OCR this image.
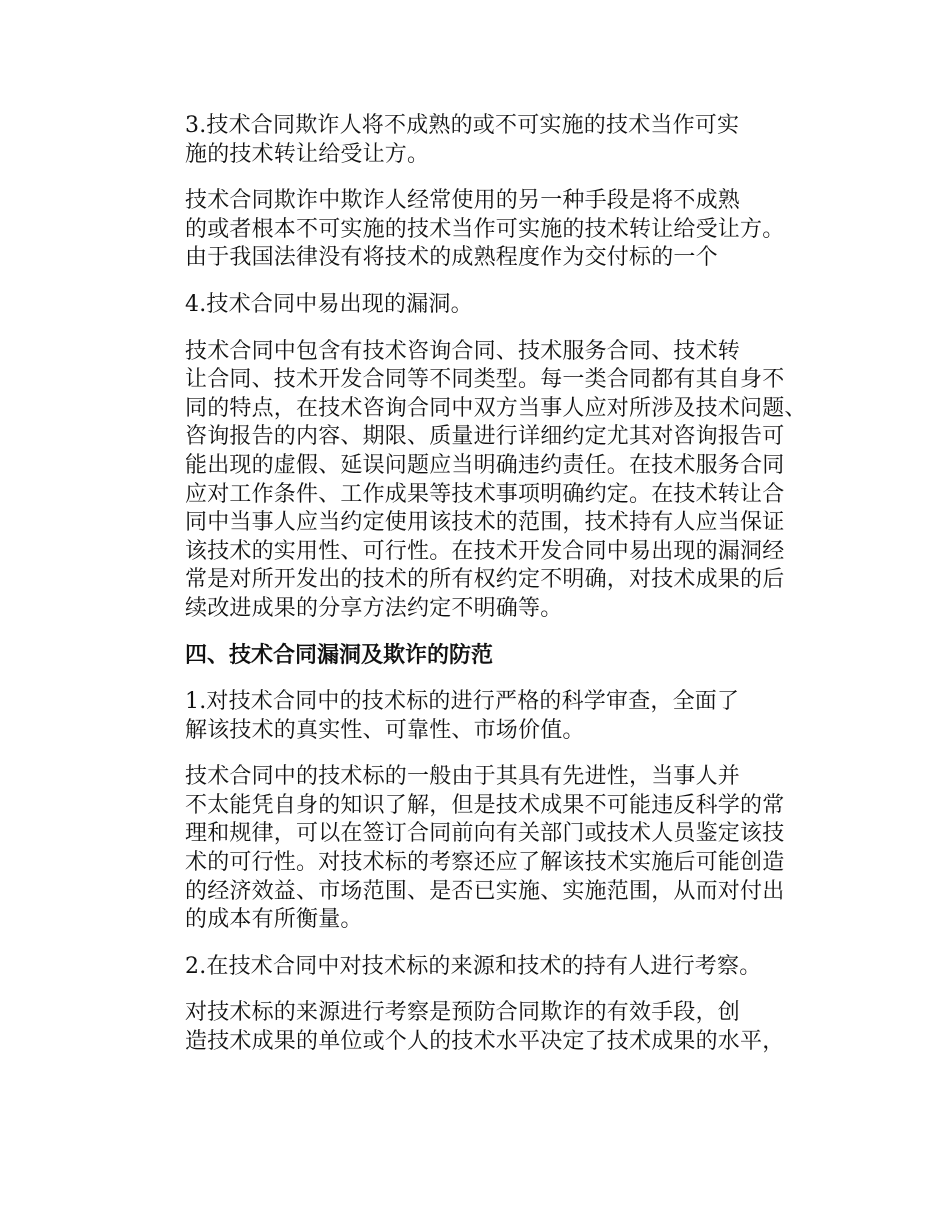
3.技术合同欺诈人将不成熟的或不可实施的技术当作可实
施的技术转让给受让方。

技术合同欺诈中欺诈人经常使用的另一种手段是将不成熟
的或者根本不可实施的技术当作可实施的技术转让给受让方。
由于我国法律没有将技术的成熟程度作为交付标的一个

4.技术合同中易出现的漏洞。

技术合同中包含有技术咨询合同、技术服务合同、技术转
让合同、技术开发合同等不同类型。每一类合同都有其自身不
同的特点，在技术咨询合同中双方当事人应对所涉及技术问题、
咨询报告的内容、期限、质量进行详细约定尤其对咨询报告可
能出现的虚假、延误问题应当明确违约责任。在技术服务合同
应对工作条件、工作成果等技术事项明确约定。在技术转让合
同中当事人应当约定使用该技术的范围，技术持有人应当保证
该技术的实用性、可行性。在技术开发合同中易出现的漏洞经
常是对所开发出的技术的所有权约定不明确，对技术成果的后
续改进成果的分享方法约定不明确等。

四、技术合同漏洞及欺诈的防范

1.对技术合同中的技术标的进行严格的科学审查，全面了
解该技术的真实性、可靠性、市场价值。

技术合同中的技术标的一般由于其具有先进性，当事人并
不太能凭自身的知识了解，但是技术成果不可能违反科学的常
理和规律，可以在签订合同前向有关部门或技术人员鉴定该技
术的可行性。对技术标的考察还应了解该技术实施后可能创造
的经济效益、市场范围、是否已实施、实施范围，从而对付出
的成本有所衡量。

2.在技术合同中对技术标的来源和技术的持有人进行考察。

对技术标的来源进行考察是预防合同欺诈的有效手段，创
造技术成果的单位或个人的技术水平决定了技术成果的水平，
